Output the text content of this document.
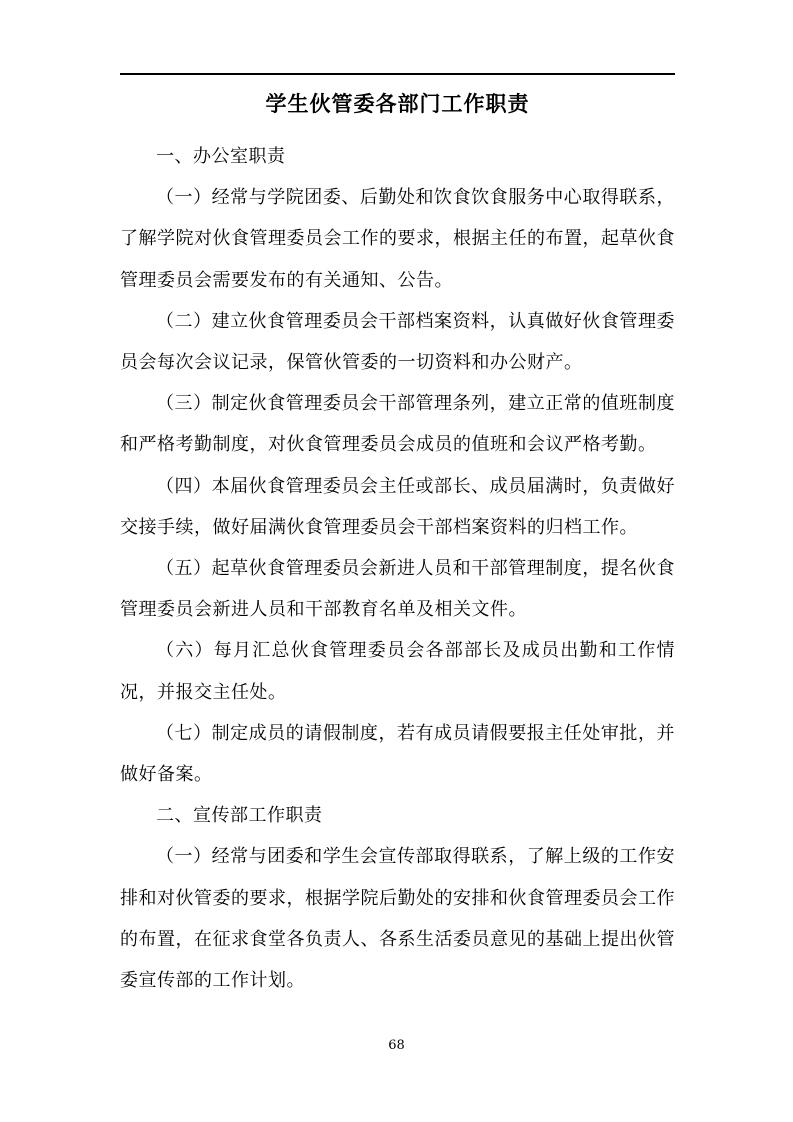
学生伙管委各部门工作职责

一、办公室职责

（一）经常与学院团委、后勤处和饮食饮食服务中心取得联系，了解学院对伙食管理委员会工作的要求，根据主任的布置，起草伙食管理委员会需要发布的有关通知、公告。

（二）建立伙食管理委员会干部档案资料，认真做好伙食管理委员会每次会议记录，保管伙管委的一切资料和办公财产。

（三）制定伙食管理委员会干部管理条列，建立正常的值班制度和严格考勤制度，对伙食管理委员会成员的值班和会议严格考勤。

（四）本届伙食管理委员会主任或部长、成员届满时，负责做好交接手续，做好届满伙食管理委员会干部档案资料的归档工作。

（五）起草伙食管理委员会新进人员和干部管理制度，提名伙食管理委员会新进人员和干部教育名单及相关文件。

（六）每月汇总伙食管理委员会各部部长及成员出勤和工作情况，并报交主任处。

（七）制定成员的请假制度，若有成员请假要报主任处审批，并做好备案。

二、宣传部工作职责

（一）经常与团委和学生会宣传部取得联系，了解上级的工作安排和对伙管委的要求，根据学院后勤处的安排和伙食管理委员会工作的布置，在征求食堂各负责人、各系生活委员意见的基础上提出伙管委宣传部的工作计划。

68
